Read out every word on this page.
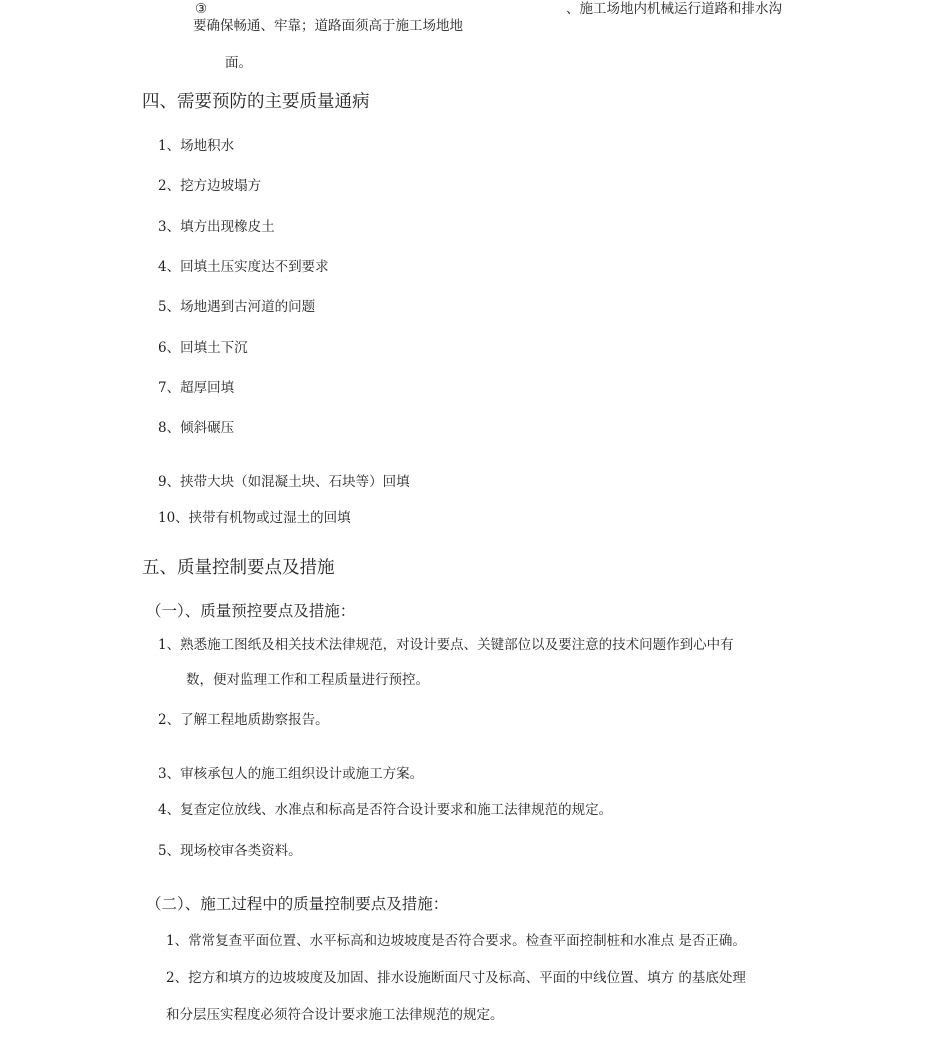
③	、施工场地内机械运行道路和排水沟
要确保畅通、牢靠；道路面须高于施工场地地
面。
四、需要预防的主要质量通病
1、场地积水
2、挖方边坡塌方
3、填方出现橡皮土
4、回填土压实度达不到要求
5、场地遇到古河道的问题
6、回填土下沉
7、超厚回填
8、倾斜碾压
9、挟带大块（如混凝土块、石块等）回填
10、挟带有机物或过湿土的回填
五、质量控制要点及措施
（一）、质量预控要点及措施：
1、熟悉施工图纸及相关技术法律规范，对设计要点、关键部位以及要注意的技术问题作到心中有
数，便对监理工作和工程质量进行预控。
2、了解工程地质勘察报告。
3、审核承包人的施工组织设计或施工方案。
4、复查定位放线、水准点和标高是否符合设计要求和施工法律规范的规定。
5、现场校审各类资料。
（二）、施工过程中的质量控制要点及措施：
1、常常复查平面位置、水平标高和边坡坡度是否符合要求。检查平面控制桩和水准点 是否正确。
2、挖方和填方的边坡坡度及加固、排水设施断面尺寸及标高、平面的中线位置、填方 的基底处理
和分层压实程度必须符合设计要求施工法律规范的规定。
